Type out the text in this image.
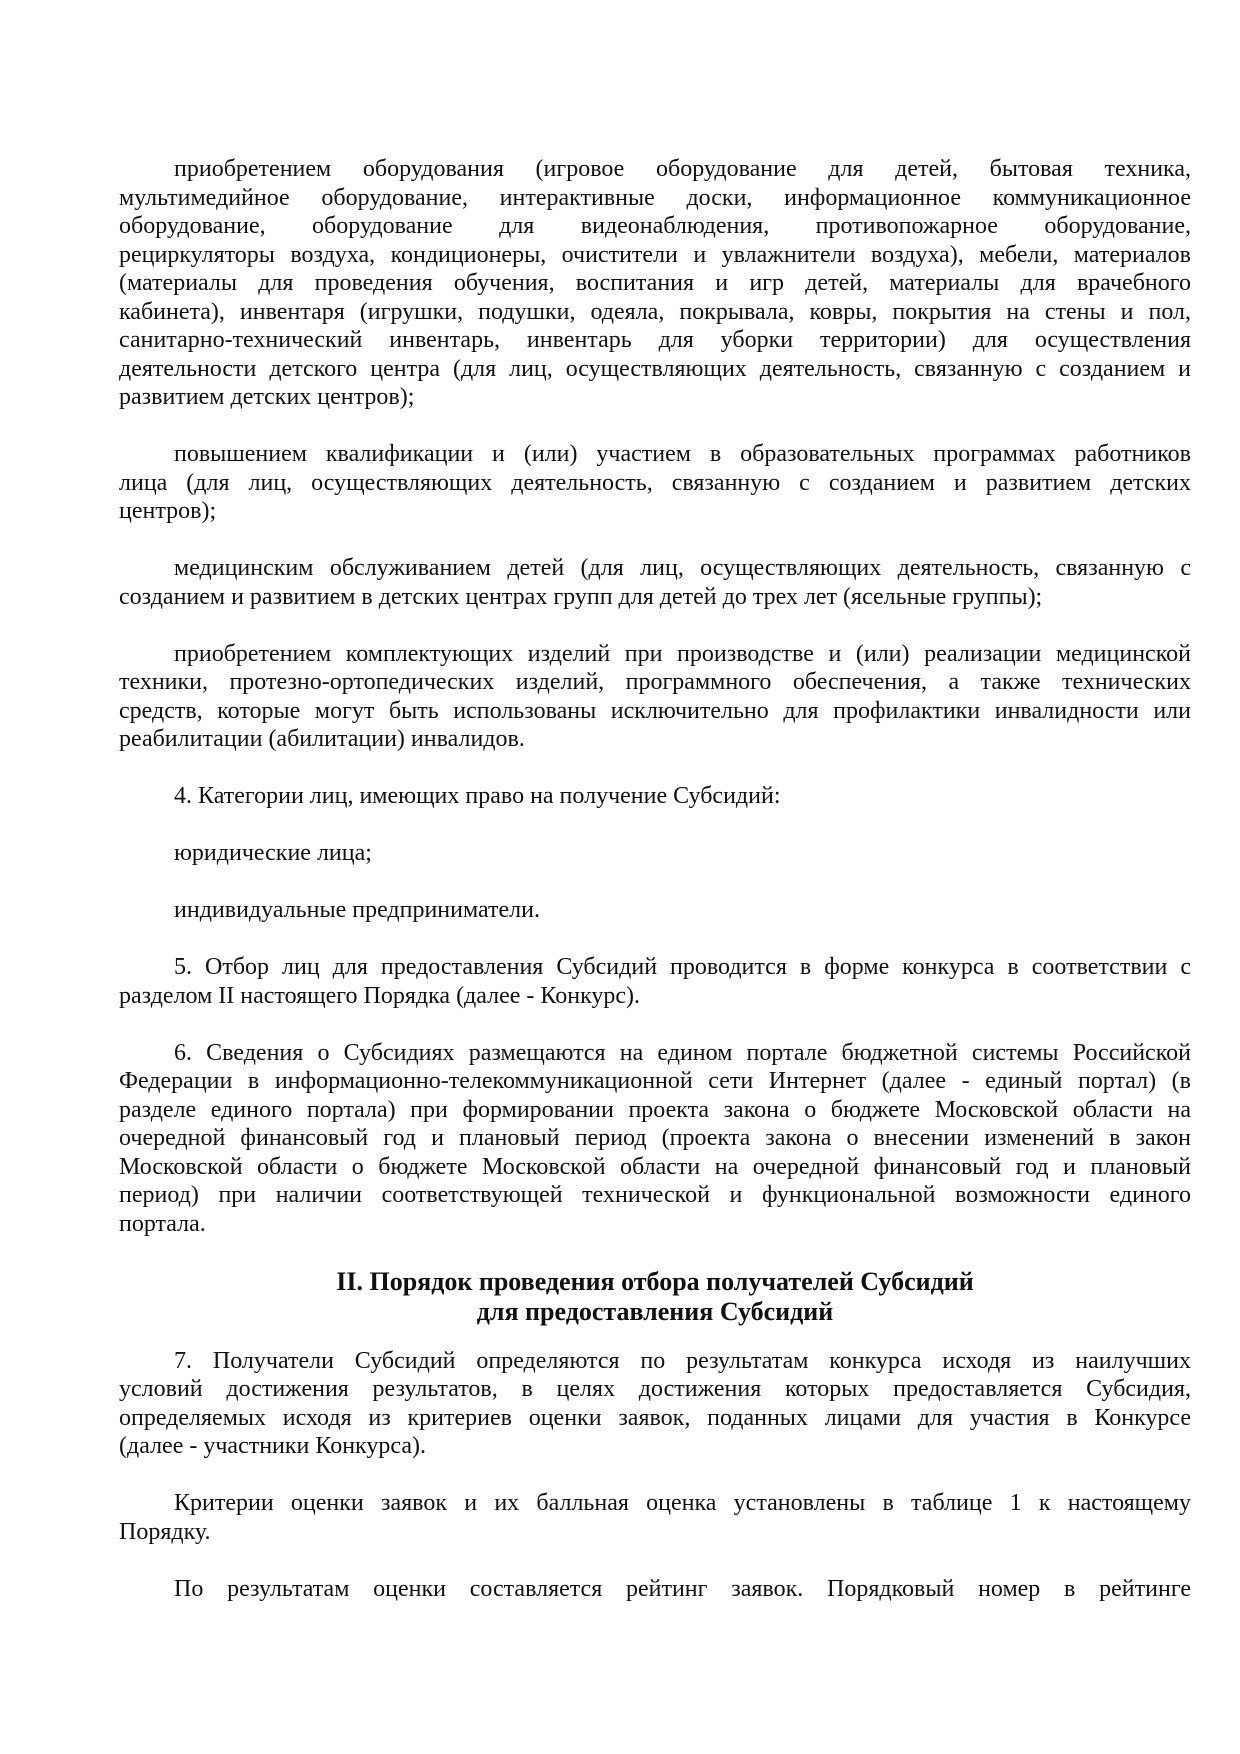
приобретением оборудования (игровое оборудование для детей, бытовая техника,
мультимедийное оборудование, интерактивные доски, информационное коммуникационное
оборудование, оборудование для видеонаблюдения, противопожарное оборудование,
рециркуляторы воздуха, кондиционеры, очистители и увлажнители воздуха), мебели, материалов
(материалы для проведения обучения, воспитания и игр детей, материалы для врачебного
кабинета), инвентаря (игрушки, подушки, одеяла, покрывала, ковры, покрытия на стены и пол,
санитарно-технический инвентарь, инвентарь для уборки территории) для осуществления
деятельности детского центра (для лиц, осуществляющих деятельность, связанную с созданием и
развитием детских центров);
повышением квалификации и (или) участием в образовательных программах работников
лица (для лиц, осуществляющих деятельность, связанную с созданием и развитием детских
центров);
медицинским обслуживанием детей (для лиц, осуществляющих деятельность, связанную с
созданием и развитием в детских центрах групп для детей до трех лет (ясельные группы);
приобретением комплектующих изделий при производстве и (или) реализации медицинской
техники, протезно-ортопедических изделий, программного обеспечения, а также технических
средств, которые могут быть использованы исключительно для профилактики инвалидности или
реабилитации (абилитации) инвалидов.
4. Категории лиц, имеющих право на получение Субсидий:
юридические лица;
индивидуальные предприниматели.
5. Отбор лиц для предоставления Субсидий проводится в форме конкурса в соответствии с
разделом II настоящего Порядка (далее - Конкурс).
6. Сведения о Субсидиях размещаются на едином портале бюджетной системы Российской
Федерации в информационно-телекоммуникационной сети Интернет (далее - единый портал) (в
разделе единого портала) при формировании проекта закона о бюджете Московской области на
очередной финансовый год и плановый период (проекта закона о внесении изменений в закон
Московской области о бюджете Московской области на очередной финансовый год и плановый
период) при наличии соответствующей технической и функциональной возможности единого
портала.
II. Порядок проведения отбора получателей Субсидий
для предоставления Субсидий
7. Получатели Субсидий определяются по результатам конкурса исходя из наилучших
условий достижения результатов, в целях достижения которых предоставляется Субсидия,
определяемых исходя из критериев оценки заявок, поданных лицами для участия в Конкурсе
(далее - участники Конкурса).
Критерии оценки заявок и их балльная оценка установлены в таблице 1 к настоящему
Порядку.
По результатам оценки составляется рейтинг заявок. Порядковый номер в рейтинге
